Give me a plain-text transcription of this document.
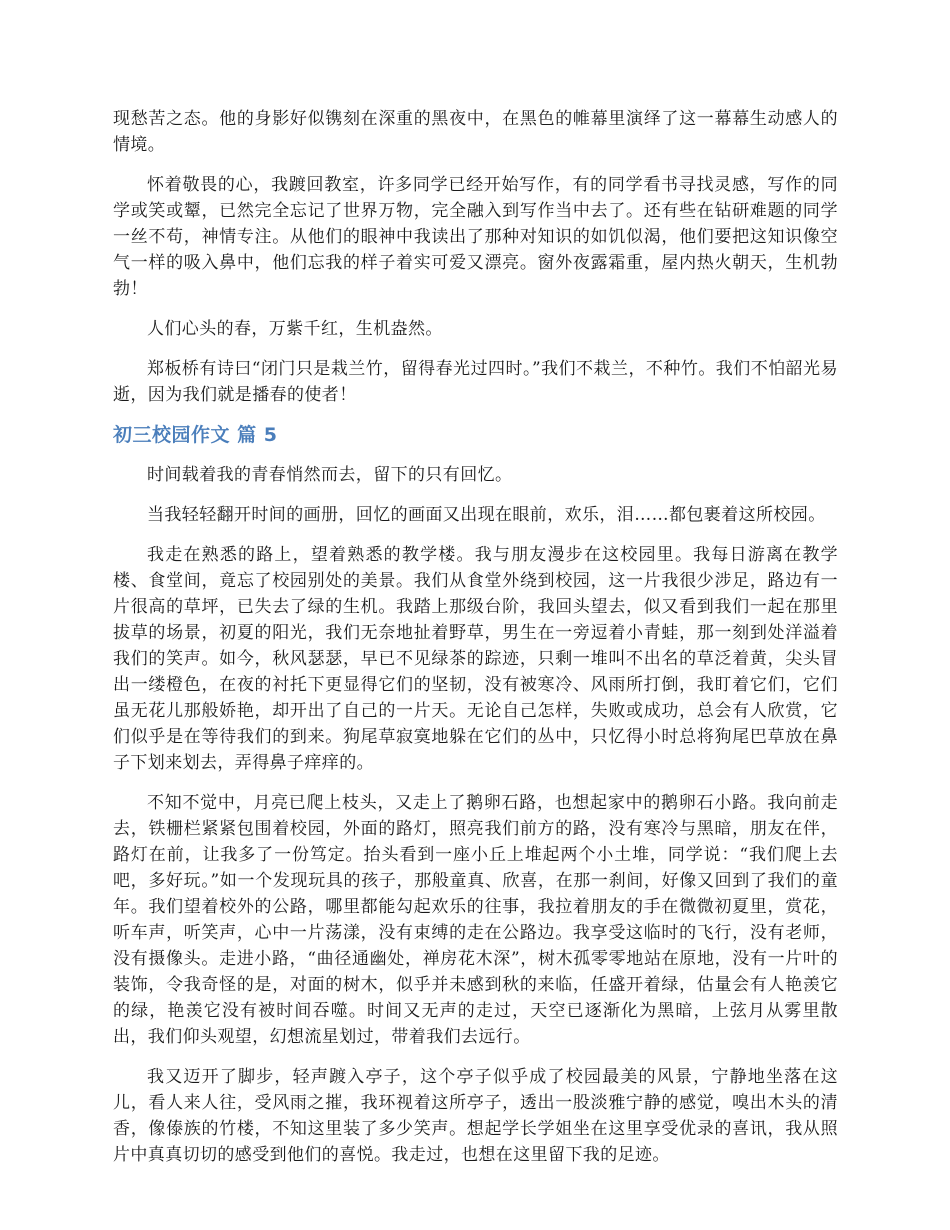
现愁苦之态。他的身影好似镌刻在深重的黑夜中，在黑色的帷幕里演绎了这一幕幕生动感人的情境。

怀着敬畏的心，我踱回教室，许多同学已经开始写作，有的同学看书寻找灵感，写作的同学或笑或颦，已然完全忘记了世界万物，完全融入到写作当中去了。还有些在钻研难题的同学一丝不苟，神情专注。从他们的眼神中我读出了那种对知识的如饥似渴，他们要把这知识像空气一样的吸入鼻中，他们忘我的样子着实可爱又漂亮。窗外夜露霜重，屋内热火朝天，生机勃勃！

人们心头的春，万紫千红，生机盎然。

郑板桥有诗曰“闭门只是栽兰竹，留得春光过四时。”我们不栽兰，不种竹。我们不怕韶光易逝，因为我们就是播春的使者！

初三校园作文 篇 5

时间载着我的青春悄然而去，留下的只有回忆。

当我轻轻翻开时间的画册，回忆的画面又出现在眼前，欢乐，泪……都包裹着这所校园。

我走在熟悉的路上，望着熟悉的教学楼。我与朋友漫步在这校园里。我每日游离在教学楼、食堂间，竟忘了校园别处的美景。我们从食堂外绕到校园，这一片我很少涉足，路边有一片很高的草坪，已失去了绿的生机。我踏上那级台阶，我回头望去，似又看到我们一起在那里拔草的场景，初夏的阳光，我们无奈地扯着野草，男生在一旁逗着小青蛙，那一刻到处洋溢着我们的笑声。如今，秋风瑟瑟，早已不见绿茶的踪迹，只剩一堆叫不出名的草泛着黄，尖头冒出一缕橙色，在夜的衬托下更显得它们的坚韧，没有被寒冷、风雨所打倒，我盯着它们，它们虽无花儿那般娇艳，却开出了自己的一片天。无论自己怎样，失败或成功，总会有人欣赏，它们似乎是在等待我们的到来。狗尾草寂寞地躲在它们的丛中，只忆得小时总将狗尾巴草放在鼻子下划来划去，弄得鼻子痒痒的。

不知不觉中，月亮已爬上枝头，又走上了鹅卵石路，也想起家中的鹅卵石小路。我向前走去，铁栅栏紧紧包围着校园，外面的路灯，照亮我们前方的路，没有寒冷与黑暗，朋友在伴，路灯在前，让我多了一份笃定。抬头看到一座小丘上堆起两个小土堆，同学说：“我们爬上去吧，多好玩。”如一个发现玩具的孩子，那般童真、欣喜，在那一刹间，好像又回到了我们的童年。我们望着校外的公路，哪里都能勾起欢乐的往事，我拉着朋友的手在微微初夏里，赏花，听车声，听笑声，心中一片荡漾，没有束缚的走在公路边。我享受这临时的飞行，没有老师，没有摄像头。走进小路，“曲径通幽处，禅房花木深”，树木孤零零地站在原地，没有一片叶的装饰，令我奇怪的是，对面的树木，似乎并未感到秋的来临，任盛开着绿，估量会有人艳羡它的绿，艳羡它没有被时间吞噬。时间又无声的走过，天空已逐渐化为黑暗，上弦月从雾里散出，我们仰头观望，幻想流星划过，带着我们去远行。

我又迈开了脚步，轻声踱入亭子，这个亭子似乎成了校园最美的风景，宁静地坐落在这儿，看人来人往，受风雨之摧，我环视着这所亭子，透出一股淡雅宁静的感觉，嗅出木头的清香，像傣族的竹楼，不知这里装了多少笑声。想起学长学姐坐在这里享受优录的喜讯，我从照片中真真切切的感受到他们的喜悦。我走过，也想在这里留下我的足迹。
